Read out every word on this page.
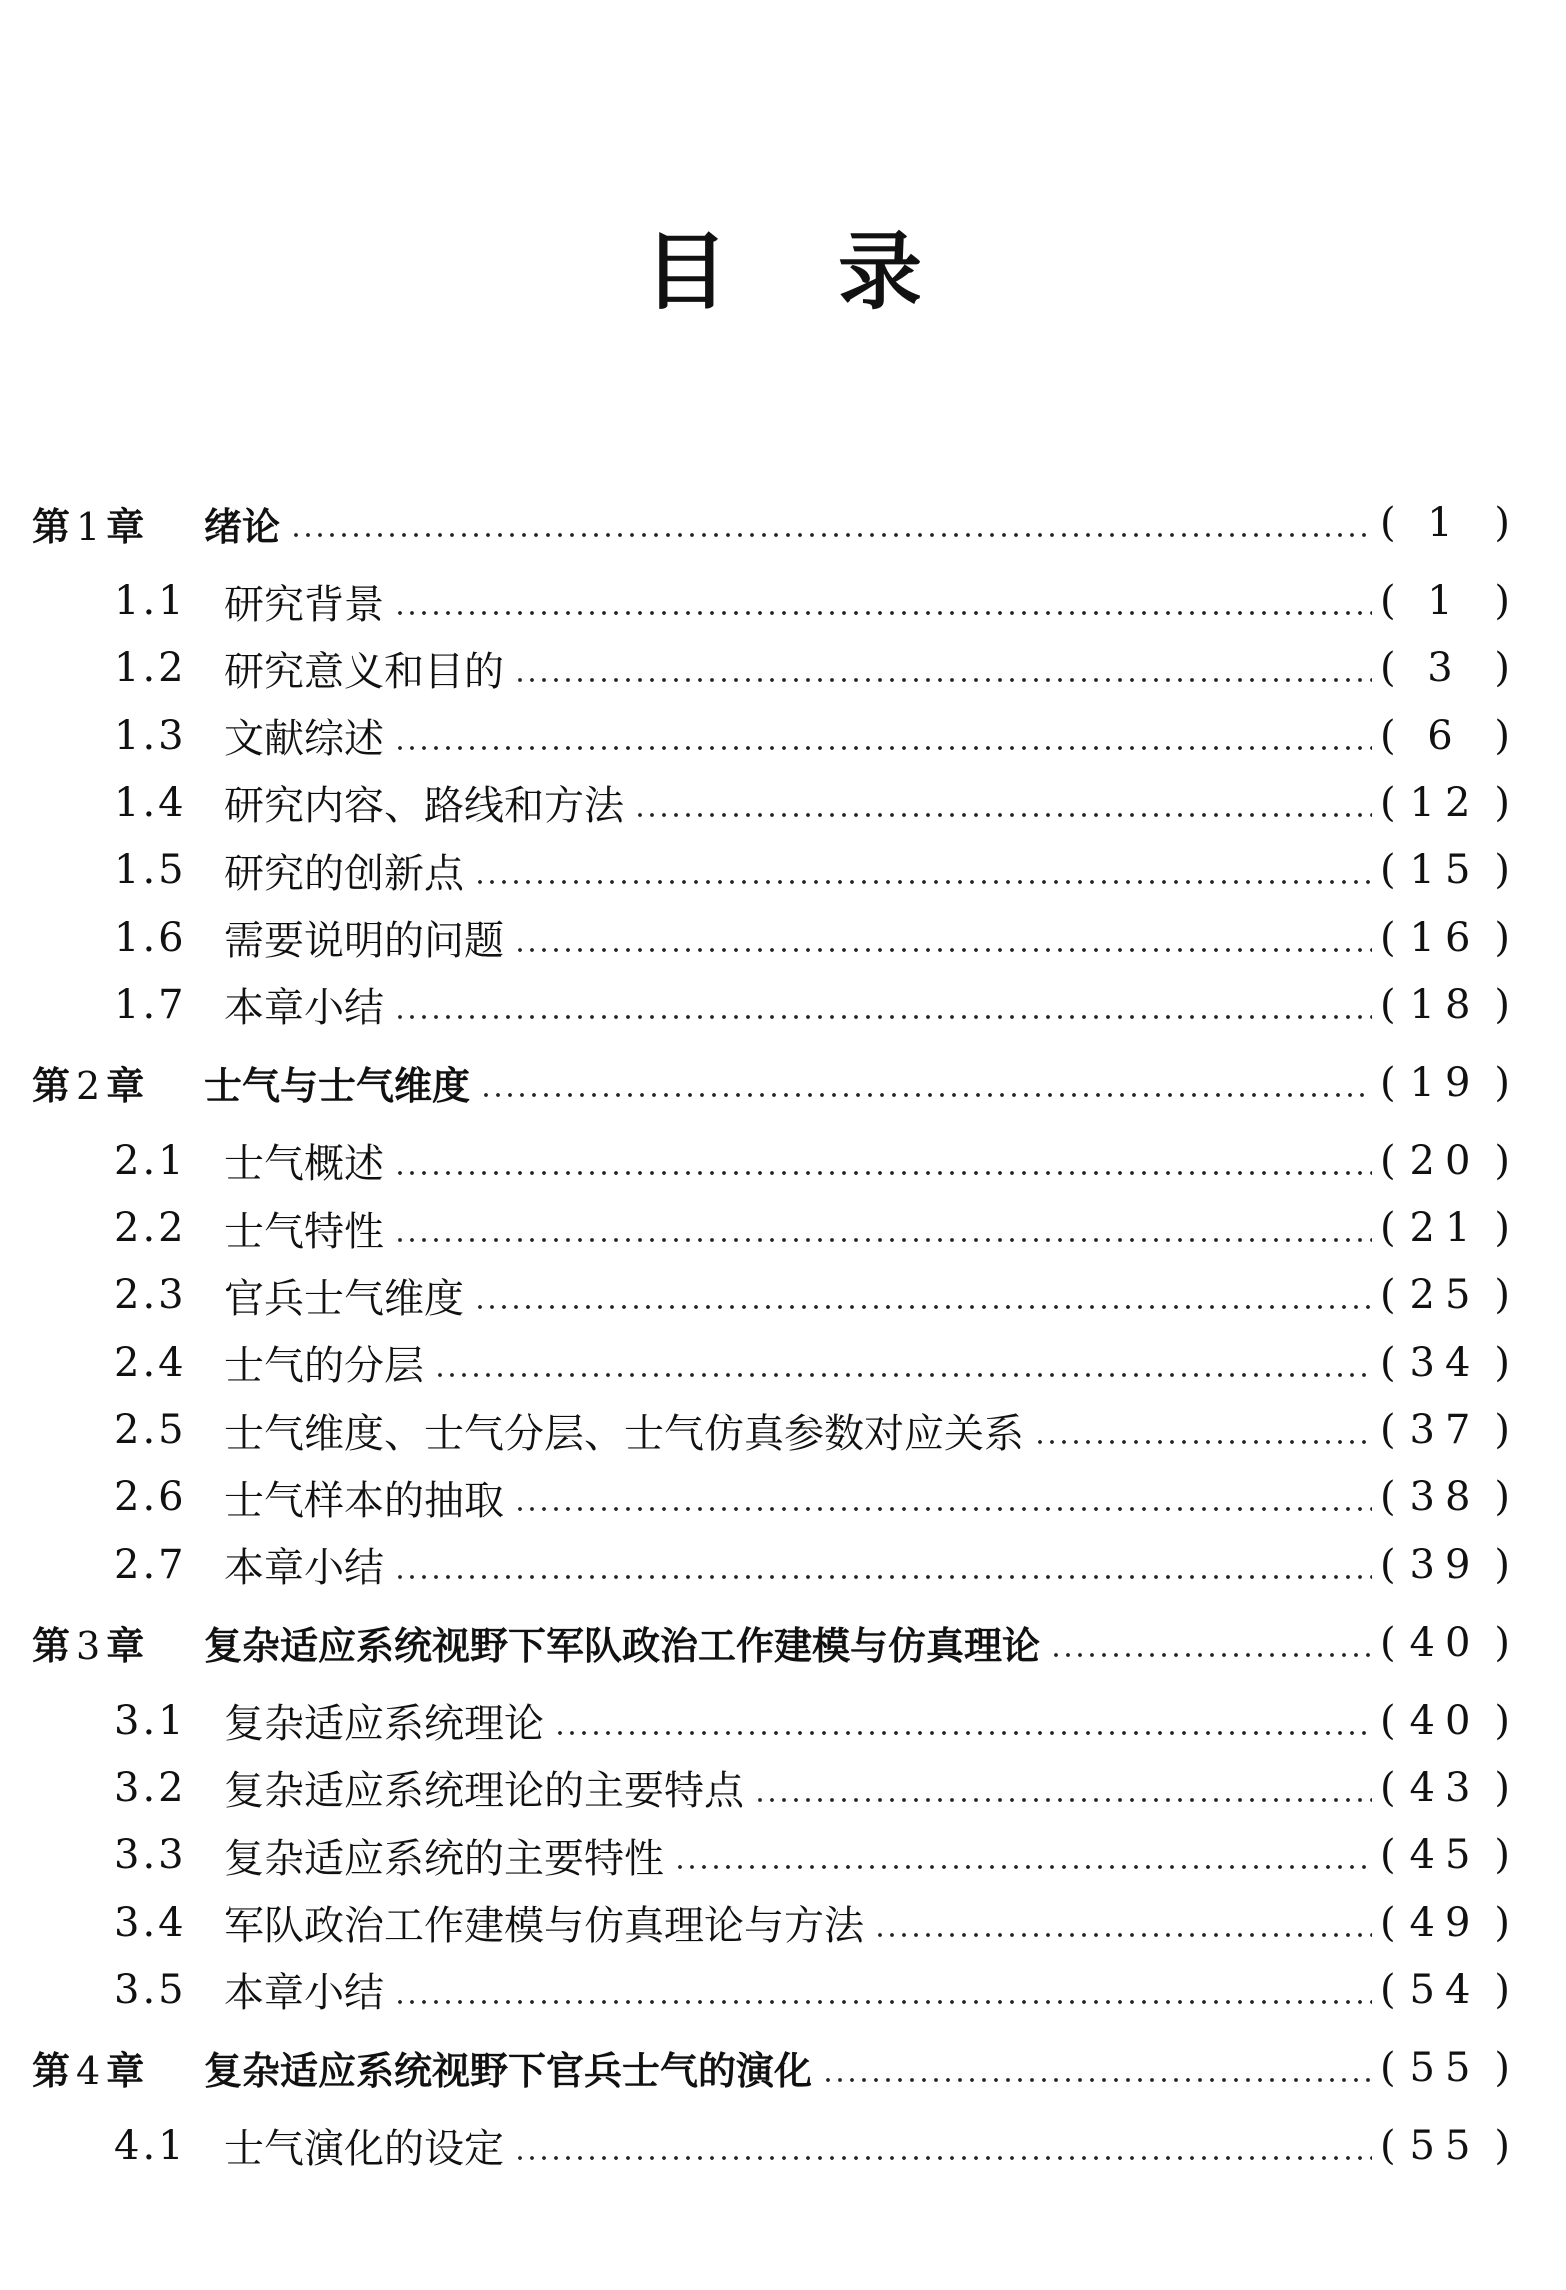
目录
第 1 章	绪论	( 1 )
1.1 研究背景	( 1 )
1.2 研究意义和目的	( 3 )
1.3 文献综述	( 6 )
1.4 研究内容、路线和方法	( 12 )
1.5 研究的创新点	( 15 )
1.6 需要说明的问题	( 16 )
1.7 本章小结	( 18 )
第 2 章	士气与士气维度	( 19 )
2.1 士气概述	( 20 )
2.2 士气特性	( 21 )
2.3 官兵士气维度	( 25 )
2.4 士气的分层	( 34 )
2.5 士气维度、士气分层、士气仿真参数对应关系	( 37 )
2.6 士气样本的抽取	( 38 )
2.7 本章小结	( 39 )
第 3 章	复杂适应系统视野下军队政治工作建模与仿真理论	( 40 )
3.1 复杂适应系统理论	( 40 )
3.2 复杂适应系统理论的主要特点	( 43 )
3.3 复杂适应系统的主要特性	( 45 )
3.4 军队政治工作建模与仿真理论与方法	( 49 )
3.5 本章小结	( 54 )
第 4 章	复杂适应系统视野下官兵士气的演化	( 55 )
4.1 士气演化的设定	( 55 )
